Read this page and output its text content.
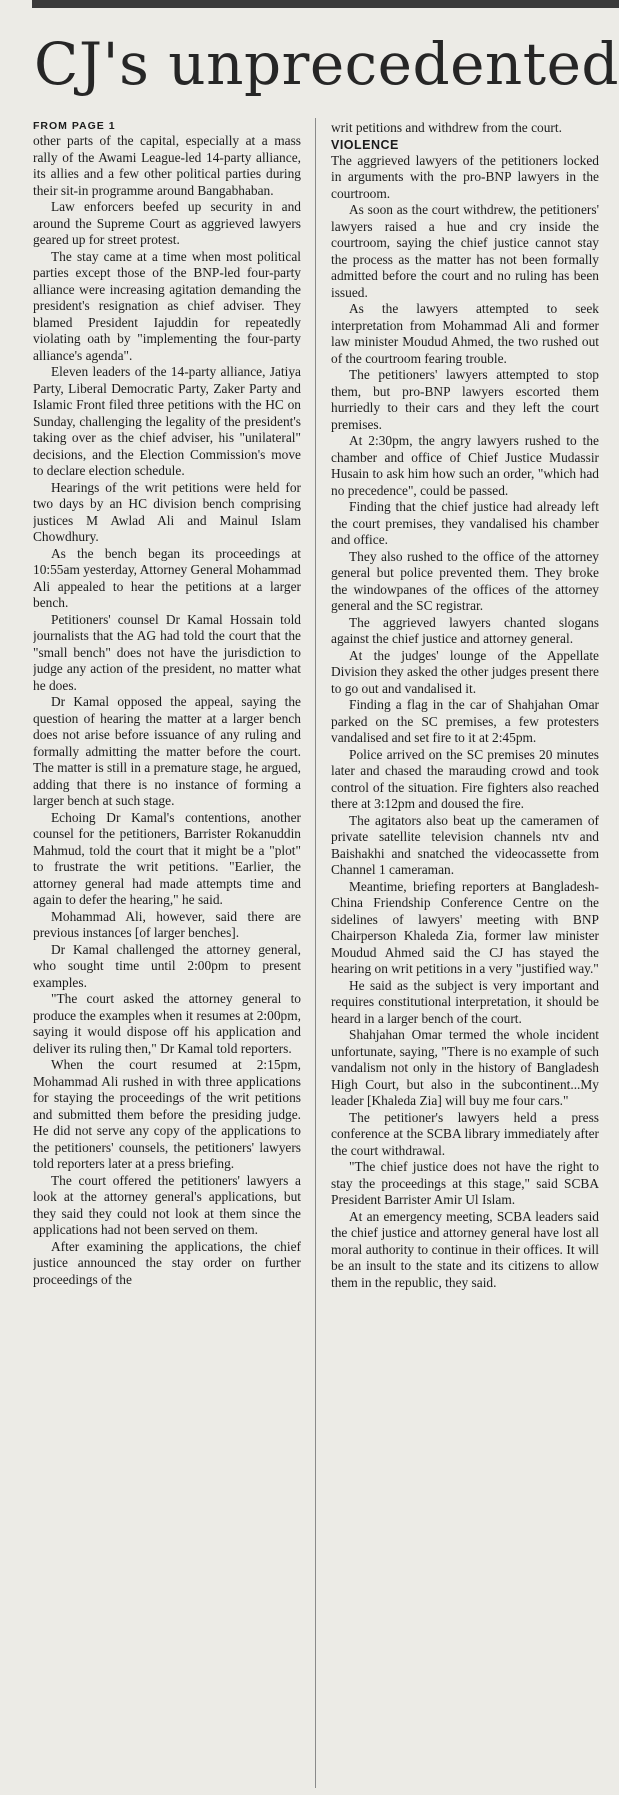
CJ's unprecedented

FROM PAGE 1

other parts of the capital, especially at a mass rally of the Awami League-led 14-party alliance, its allies and a few other political parties during their sit-in programme around Bangabhaban.

Law enforcers beefed up security in and around the Supreme Court as aggrieved lawyers geared up for street protest.

The stay came at a time when most political parties except those of the BNP-led four-party alliance were increasing agitation demanding the president's resignation as chief adviser. They blamed President Iajuddin for repeatedly violating oath by "implementing the four-party alliance's agenda".

Eleven leaders of the 14-party alliance, Jatiya Party, Liberal Democratic Party, Zaker Party and Islamic Front filed three petitions with the HC on Sunday, challenging the legality of the president's taking over as the chief adviser, his "unilateral" decisions, and the Election Commission's move to declare election schedule.

Hearings of the writ petitions were held for two days by an HC division bench comprising justices M Awlad Ali and Mainul Islam Chowdhury.

As the bench began its proceedings at 10:55am yesterday, Attorney General Mohammad Ali appealed to hear the petitions at a larger bench.

Petitioners' counsel Dr Kamal Hossain told journalists that the AG had told the court that the "small bench" does not have the jurisdiction to judge any action of the president, no matter what he does.

Dr Kamal opposed the appeal, saying the question of hearing the matter at a larger bench does not arise before issuance of any ruling and formally admitting the matter before the court. The matter is still in a premature stage, he argued, adding that there is no instance of forming a larger bench at such stage.

Echoing Dr Kamal's contentions, another counsel for the petitioners, Barrister Rokanuddin Mahmud, told the court that it might be a "plot" to frustrate the writ petitions. "Earlier, the attorney general had made attempts time and again to defer the hearing," he said.

Mohammad Ali, however, said there are previous instances [of larger benches].

Dr Kamal challenged the attorney general, who sought time until 2:00pm to present examples.

"The court asked the attorney general to produce the examples when it resumes at 2:00pm, saying it would dispose off his application and deliver its ruling then," Dr Kamal told reporters.

When the court resumed at 2:15pm, Mohammad Ali rushed in with three applications for staying the proceedings of the writ petitions and submitted them before the presiding judge. He did not serve any copy of the applications to the petitioners' counsels, the petitioners' lawyers told reporters later at a press briefing.

The court offered the petitioners' lawyers a look at the attorney general's applications, but they said they could not look at them since the applications had not been served on them.

After examining the applications, the chief justice announced the stay order on further proceedings of the

writ petitions and withdrew from the court.

VIOLENCE

The aggrieved lawyers of the petitioners locked in arguments with the pro-BNP lawyers in the courtroom.

As soon as the court withdrew, the petitioners' lawyers raised a hue and cry inside the courtroom, saying the chief justice cannot stay the process as the matter has not been formally admitted before the court and no ruling has been issued.

As the lawyers attempted to seek interpretation from Mohammad Ali and former law minister Moudud Ahmed, the two rushed out of the courtroom fearing trouble.

The petitioners' lawyers attempted to stop them, but pro-BNP lawyers escorted them hurriedly to their cars and they left the court premises.

At 2:30pm, the angry lawyers rushed to the chamber and office of Chief Justice Mudassir Husain to ask him how such an order, "which had no precedence", could be passed.

Finding that the chief justice had already left the court premises, they vandalised his chamber and office.

They also rushed to the office of the attorney general but police prevented them. They broke the windowpanes of the offices of the attorney general and the SC registrar.

The aggrieved lawyers chanted slogans against the chief justice and attorney general.

At the judges' lounge of the Appellate Division they asked the other judges present there to go out and vandalised it.

Finding a flag in the car of Shahjahan Omar parked on the SC premises, a few protesters vandalised and set fire to it at 2:45pm.

Police arrived on the SC premises 20 minutes later and chased the marauding crowd and took control of the situation. Fire fighters also reached there at 3:12pm and doused the fire.

The agitators also beat up the cameramen of private satellite television channels ntv and Baishakhi and snatched the videocassette from Channel 1 cameraman.

Meantime, briefing reporters at Bangladesh-China Friendship Conference Centre on the sidelines of lawyers' meeting with BNP Chairperson Khaleda Zia, former law minister Moudud Ahmed said the CJ has stayed the hearing on writ petitions in a very "justified way."

He said as the subject is very important and requires constitutional interpretation, it should be heard in a larger bench of the court.

Shahjahan Omar termed the whole incident unfortunate, saying, "There is no example of such vandalism not only in the history of Bangladesh High Court, but also in the subcontinent...My leader [Khaleda Zia] will buy me four cars."

The petitioner's lawyers held a press conference at the SCBA library immediately after the court withdrawal.

"The chief justice does not have the right to stay the proceedings at this stage," said SCBA President Barrister Amir Ul Islam.

At an emergency meeting, SCBA leaders said the chief justice and attorney general have lost all moral authority to continue in their offices. It will be an insult to the state and its citizens to allow them in the republic, they said.
